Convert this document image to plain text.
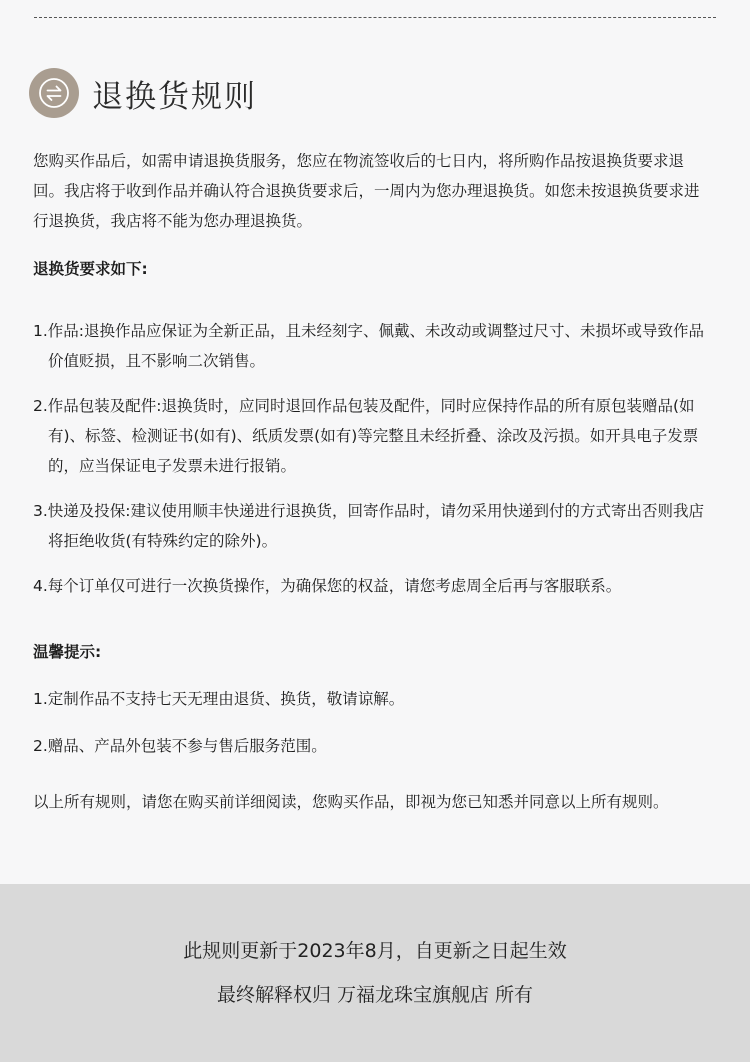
退换货规则

您购买作品后，如需申请退换货服务，您应在物流签收后的七日内，将所购作品按退换货要求退回。我店将于收到作品并确认符合退换货要求后，一周内为您办理退换货。如您未按退换货要求进行退换货，我店将不能为您办理退换货。

退换货要求如下:

1.作品:退换作品应保证为全新正品，且未经刻字、佩戴、未改动或调整过尺寸、未损坏或导致作品价值贬损，且不影响二次销售。
2.作品包装及配件:退换货时，应同时退回作品包装及配件，同时应保持作品的所有原包装赠品(如有)、标签、检测证书(如有)、纸质发票(如有)等完整且未经折叠、涂改及污损。如开具电子发票的，应当保证电子发票未进行报销。
3.快递及投保:建议使用顺丰快递进行退换货，回寄作品时，请勿采用快递到付的方式寄出否则我店将拒绝收货(有特殊约定的除外)。
4.每个订单仅可进行一次换货操作，为确保您的权益，请您考虑周全后再与客服联系。

温馨提示:

1.定制作品不支持七天无理由退货、换货，敬请谅解。
2.赠品、产品外包装不参与售后服务范围。

以上所有规则，请您在购买前详细阅读，您购买作品，即视为您已知悉并同意以上所有规则。

此规则更新于2023年8月，自更新之日起生效
最终解释权归 万福龙珠宝旗舰店 所有
